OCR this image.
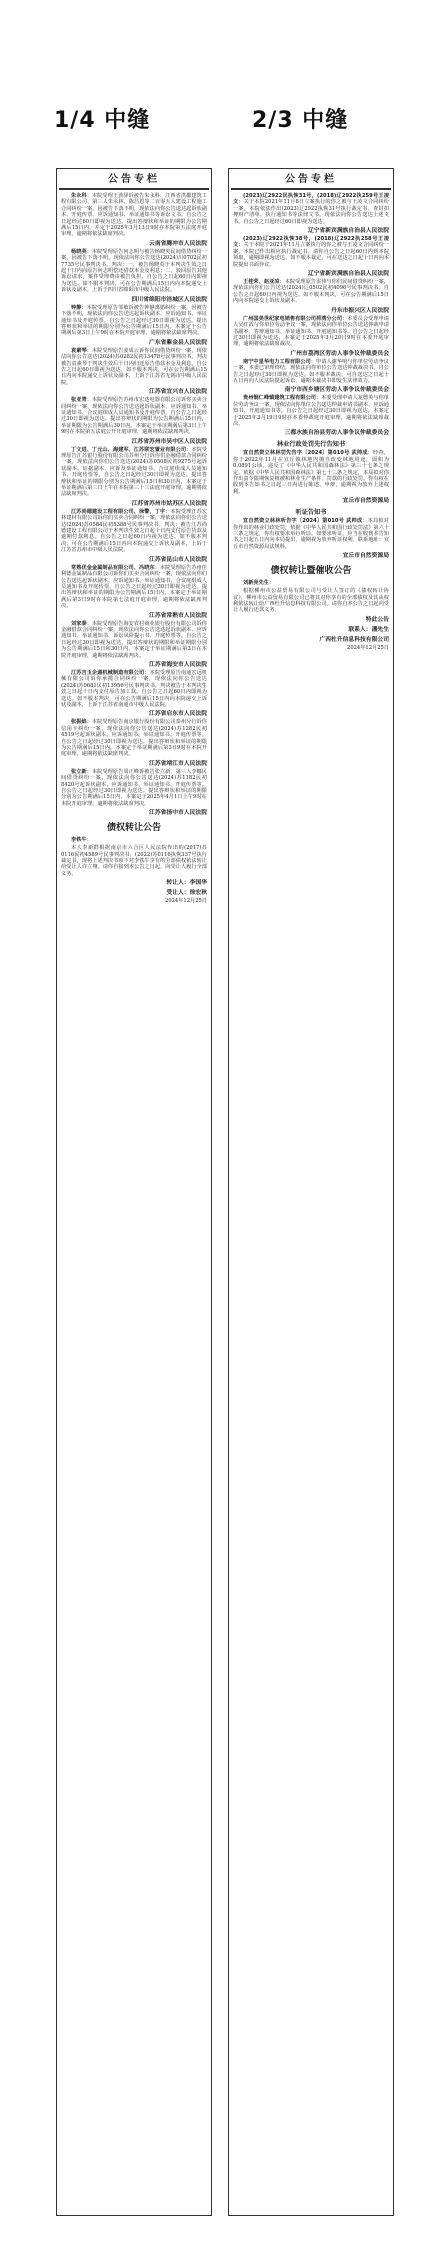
1/4 中缝	2/3 中缝
公告专栏

朱永科：本院受理王劲驿诉被告朱永科、江西省洪都建筑工程有限公司、第三人朱永林、陈昌恩等二百零五人建设工程施工合同纠纷一案，因被告下落不明，现依法向你公告送达起诉状副本、开庭传票、应诉通知书、举证通知书等诉讼文书。自公告之日起经过60日即视为送达。提出答辩状和举证的期限为公告期满后15日内，并定于2025年3月13日9时在本院第五法庭开庭审理，逾期将依法缺席判决。

云南省腾冲市人民法院

杨晓英：本院受理原告何志明与被告杨晓英民间借贷纠纷一案，因被告下落不明，现依法向你公告送达(2024)川0702民初7735号民事判决书。判决：一、被告杨晓英于本判决生效之日起十日内向原告何志明偿还借款本金及利息；二、驳回原告其他诉讼请求。案件受理费由被告负担。自公告之日起60日内即视为送达。如不服本判决，可在公告期满后15日内向本院递交上诉状及副本，上诉于四川省绵阳市中级人民法院。

四川省绵阳市涪城区人民法院

钟静：本院受理原告邹敏诉被告钟静离婚纠纷一案，因被告下落不明，现依法向你公告送达起诉状副本、应诉通知书、举证通知书及开庭传票。自公告之日起经过30日即视为送达。提出答辩状和举证的期限分别为公告期满后15日内。本案定于公告期满后第3日上午9时在本院开庭审理，逾期将依法缺席判决。

广东省紫金县人民法院

袁素琴：本院受理原告姜成云诉你民间借贷纠纷一案，现依法向你公告送达(2024)苏0282民初13478号民事判决书。判决被告袁素琴于判决生效后十日内归还原告借款本金及利息。自公告之日起60日即视为送达。如不服本判决，可在公告期满后15日内向本院递交上诉状及副本，上诉于江苏省无锡市中级人民法院。

江苏省宜兴市人民法院

张亚青：本院受理原告苏州市宏达电器有限公司诉你买卖合同纠纷一案，现依法向你公告送达起诉状副本、应诉通知书、举证通知书、合议庭组成人员通知书及开庭传票。自公告之日起经过30日即视为送达。提出答辩状的期限为公告期满后15日内，举证期限为公告期满后30日内。本案定于举证期满后第3日上午9时在本院第五法庭公开开庭审理，逾期将依法缺席判决。

江苏省苏州市吴中区人民法院

丁文进、丁元山、海建军、江苏联宏置业有限公司：本院受理原告江苏银行股份有限公司苏州分行诉你们金融借款合同纠纷一案，现依法向你们公告送达(2024)苏0508民初9275号起诉状副本、证据副本、应诉及举证通知书、合议庭组成人员通知书、开庭传票等。自公告之日起经过30日即视为送达。提出答辩状和举证的期限分别为公告期满后15日和30日内，本案定于举证期满后第三日上午在本院第三十三法庭开庭审理，逾期将依法缺席判决。

江苏省苏州市姑苏区人民法院

江苏尚德建设工程有限公司、徐警、丁宇：本院受理江苏宏林建材有限公司诉你们买卖合同纠纷一案，现依法向你们公告送达(2024)苏0584民初5388号民事判决书。判决：被告江苏尚德建设工程有限公司于本判决生效之日起十日内支付原告货款及逾期付款利息。自公告之日起60日内视为送达。如不服本判决，可在公告期满后15日内向本院递交上诉状及副本，上诉于江苏省苏州市中级人民法院。

江苏省昆山市人民法院

常熟优金金属制品有限公司、冯晓东：本院受理原告苏州佳利德金属制品有限公司诉你们买卖合同纠纷一案，现依法向你们公告送达起诉状副本、应诉通知书、举证通知书、合议庭组成人员通知书及开庭传票。自公告之日起经过30日即视为送达。提出答辩状和举证的期限为公告期满后15日内，本案定于举证期满后第3日9时在本院第七法庭开庭审理，逾期将依法缺席判决。

江苏省常熟市人民法院

刘家泰：本院受理原告海安农村商业银行股份有限公司诉你金融借款合同纠纷一案，现依法向你公告送达起诉状副本、应诉通知书、举证通知书、诉讼风险提示书、开庭传票等。自公告之日起经过30日即视为送达。提出答辩状的期限和举证期限分别为公告期满后15日和30日内，本案定于举证期满后第3日在本院开庭审理，逾期将依法缺席判决。

江苏省海安市人民法院

江苏吉玉企通机械制造有限公司：本院受理原告南通宏远机械有限公司诉你承揽合同纠纷一案，现依法向你公告送达(2024)苏0681民初13956号民事判决书。判决被告于本判决生效之日起十日内支付原告加工款。自公告之日起60日内即视为送达。如不服本判决，可在公告期满后15日内向本院递交上诉状及副本，上诉于江苏省南通市中级人民法院。

江苏省启东市人民法院

张振焰：本院受理原告南京银行股份有限公司泰州分行诉你信用卡纠纷一案，现依法向你公告送达(2024)苏1282民初4519号起诉状副本、应诉通知书、举证通知书、开庭传票等。自公告之日起经过30日即视为送达。提出答辩状和举证的期限为公告期满后15日内，本案定于举证期满后第3日9时在本院开庭审理，逾期将依法缺席判决。

江苏省靖江市人民法院

张立新：本院受理原告周正峰诉被告张立新、第三人李娜民间借贷纠纷一案，现依法向你公告送达(2024)苏1182民初8420号起诉状副本、应诉通知书、举证通知书、开庭传票等。自公告之日起经过30日即视为送达。提出答辩状和举证的期限分别为公告期满后15日内，本案定于2025年4月1日上午9时在本院开庭审理，逾期将依法缺席判决。

江苏省扬中市人民法院
债权转让公告

李铁牛：

本人李新群根据南京市六合区人民法院作出的(2017)苏0116民初4589号民事判决书、(2022)苏0116执恢337号执行裁定书，现将上述判决书项下对李铁牛享有的全部债权依法转让给受让人许立翔。请你自接到本公告之日起，向受让人履行全部义务。

转让人：李国华
受让人：徐宏秋
2024年12月25日
公告专栏

(2023)辽2922民执恢31号，(2018)辽2922执259号王凌文：关于本院2021年11月8日立案执行的你之被与王凌文合同纠纷一案，本院依法作出(2023)辽2922执恢31号执行裁定书、查封扣押财产清单、执行通知书等法律文书。现依法向你公告送达上述文书。自公告之日起经过60日即视为送达。

辽宁省新宾满族自治县人民法院

(2023)辽2922执恢38号，(2018)辽2922执258号王凌文：关于本院于2021年11月立案执行的你之被与王凌文合同纠纷一案，本院已作出相应执行裁定书。请你自公告之日起60日内到本院领取，逾期即视为送达。如不服本裁定，可在送达之日起十日内向本院提出书面异议。

辽宁省新宾满族自治县人民法院

王桂荣、赵亚凉：本院受理原告雷伟与你们民间借贷纠纷一案，现依法向你们公告送达(2024)辽0502民初4096号民事判决书。自公告之日起60日内视为送达。如不服本判决，可在公告期满后15日内向本院递交上诉状及副本。

丹东市振兴区人民法院

广州国美世纪家电销售有限公司荷湾分公司：本委员会受理申请人吴红霞与你单位劳动争议一案，现依法向你单位公告送达仲裁申请书副本、答辩通知书、举证通知书、开庭通知书等。自公告之日起经过30日即视为送达，本案定于2025年3月20日9时在本委开庭审理，逾期将依法缺席裁决。

广州市荔湾区劳动人事争议仲裁委员会

南宁中星华电力工程有限公司：申请人谢华明与你单位劳动争议一案，本委已审理终结，现依法向你单位公告送达仲裁裁决书。自公告之日起经过30日即视为送达。如不服本裁决，可自送达之日起十五日内向人民法院提起诉讼，逾期本裁决书即发生法律效力。

南宁市西乡塘区劳动人事争议仲裁委员会

贵州铜仁峰镇建筑工程有限公司：本委受理申请人龙德英与你单位劳动争议一案，现依法向你单位公告送达仲裁申请书副本、应诉通知书、开庭通知书等。自公告之日起经过30日即视为送达。本案定于2025年3月19日9时在本委仲裁庭开庭审理，逾期将依法缺席裁决。

三都水族自治县劳动人事争议仲裁委员会
林业行政处罚先行告知书

宜自然资立林林罚先告字〔2024〕第010号 武帅成：经查，你于2022年11月在宜丘镇林地内擅自改变林地用途，面积为0.0891公顷，违反了《中华人民共和国森林法》第三十七条之规定。依据《中华人民共和国森林法》第七十三条之规定，本局拟对你作出责令限期恢复植被和林业生产条件、罚款的行政处罚。你有权在收到本告知书之日起三日内进行陈述、申辩，逾期视为放弃上述权利。

宜丘市自然资源局
听证告知书

宜自然资立林林听告字〔2024〕第010号 武帅成：本局拟对你作出的林业行政处罚，依据《中华人民共和国行政处罚法》第六十三条之规定，你有权要求举行听证。如要求听证，应当在收到本告知书之日起五日内向本局提出，逾期视为放弃听证权利。联系地址：宜丘市自然资源局法规科。

宜丘市自然资源局
债权转让暨催收公告

刘新亮先生：

根据柳州市公益贸易有限公司与受让人签订的《债权转让协议》，柳州市公益贸易有限公司已将其对你享有的全部债权及其从权利依法转让给广西杜升信息科技有限公司。请你自本公告之日起向受让人履行还款义务。

特此公告
联系人：潘先生
广西杜升信息科技有限公司
2024年12月25日
